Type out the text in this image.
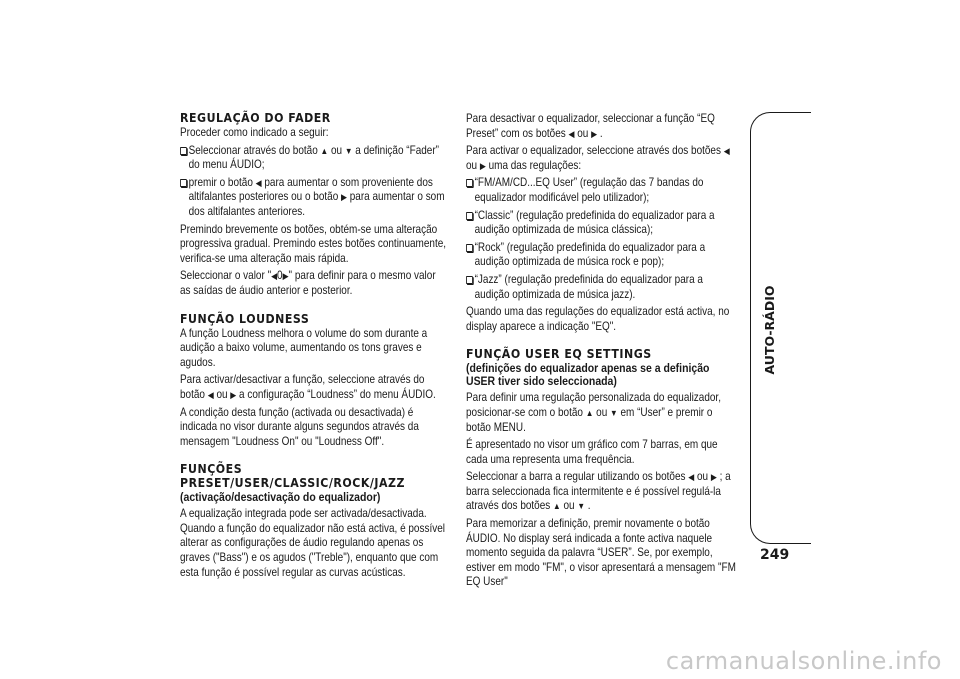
REGULAÇÃO DO FADER

Proceder como indicado a seguir:

Seleccionar através do botão ▲ ou ▼ a definição “Fader” do menu ÁUDIO;
premir o botão ◀ para aumentar o som proveniente dos altifalantes posteriores ou o botão ▶ para aumentar o som dos altifalantes anteriores.

Premindo brevemente os botões, obtém-se uma alteração progressiva gradual. Premindo estes botões continuamente, verifica-se uma alteração mais rápida.

Seleccionar o valor "◀0▶" para definir para o mesmo valor as saídas de áudio anterior e posterior.

FUNÇÃO LOUDNESS

A função Loudness melhora o volume do som durante a audição a baixo volume, aumentando os tons graves e agudos.

Para activar/desactivar a função, seleccione através do botão ◀ ou ▶ a configuração “Loudness” do menu ÁUDIO.

A condição desta função (activada ou desactivada) é indicada no visor durante alguns segundos através da mensagem "Loudness On" ou "Loudness Off".

FUNÇÕES
PRESET/USER/CLASSIC/ROCK/JAZZ
(activação/desactivação do equalizador)

A equalização integrada pode ser activada/desactivada. Quando a função do equalizador não está activa, é possível alterar as configurações de áudio regulando apenas os graves ("Bass") e os agudos ("Treble"), enquanto que com esta função é possível regular as curvas acústicas.

Para desactivar o equalizador, seleccionar a função “EQ Preset” com os botões ◀ ou ▶ .

Para activar o equalizador, seleccione através dos botões ◀ ou ▶ uma das regulações:

“FM/AM/CD...EQ User” (regulação das 7 bandas do equalizador modificável pelo utilizador);
“Classic” (regulação predefinida do equalizador para a audição optimizada de música clássica);
“Rock” (regulação predefinida do equalizador para a audição optimizada de música rock e pop);
“Jazz” (regulação predefinida do equalizador para a audição optimizada de música jazz).

Quando uma das regulações do equalizador está activa, no display aparece a indicação "EQ".

FUNÇÃO USER EQ SETTINGS
(definições do equalizador apenas se a definição USER tiver sido seleccionada)

Para definir uma regulação personalizada do equalizador, posicionar-se com o botão ▲ ou ▼ em “User” e premir o botão MENU.

É apresentado no visor um gráfico com 7 barras, em que cada uma representa uma frequência.

Seleccionar a barra a regular utilizando os botões ◀ ou ▶ ; a barra seleccionada fica intermitente e é possível regulá-la através dos botões ▲ ou ▼ .

Para memorizar a definição, premir novamente o botão ÁUDIO. No display será indicada a fonte activa naquele momento seguida da palavra “USER”. Se, por exemplo, estiver em modo "FM", o visor apresentará a mensagem "FM EQ User"

AUTO-RÁDIO
249
carmanualsonline.info
